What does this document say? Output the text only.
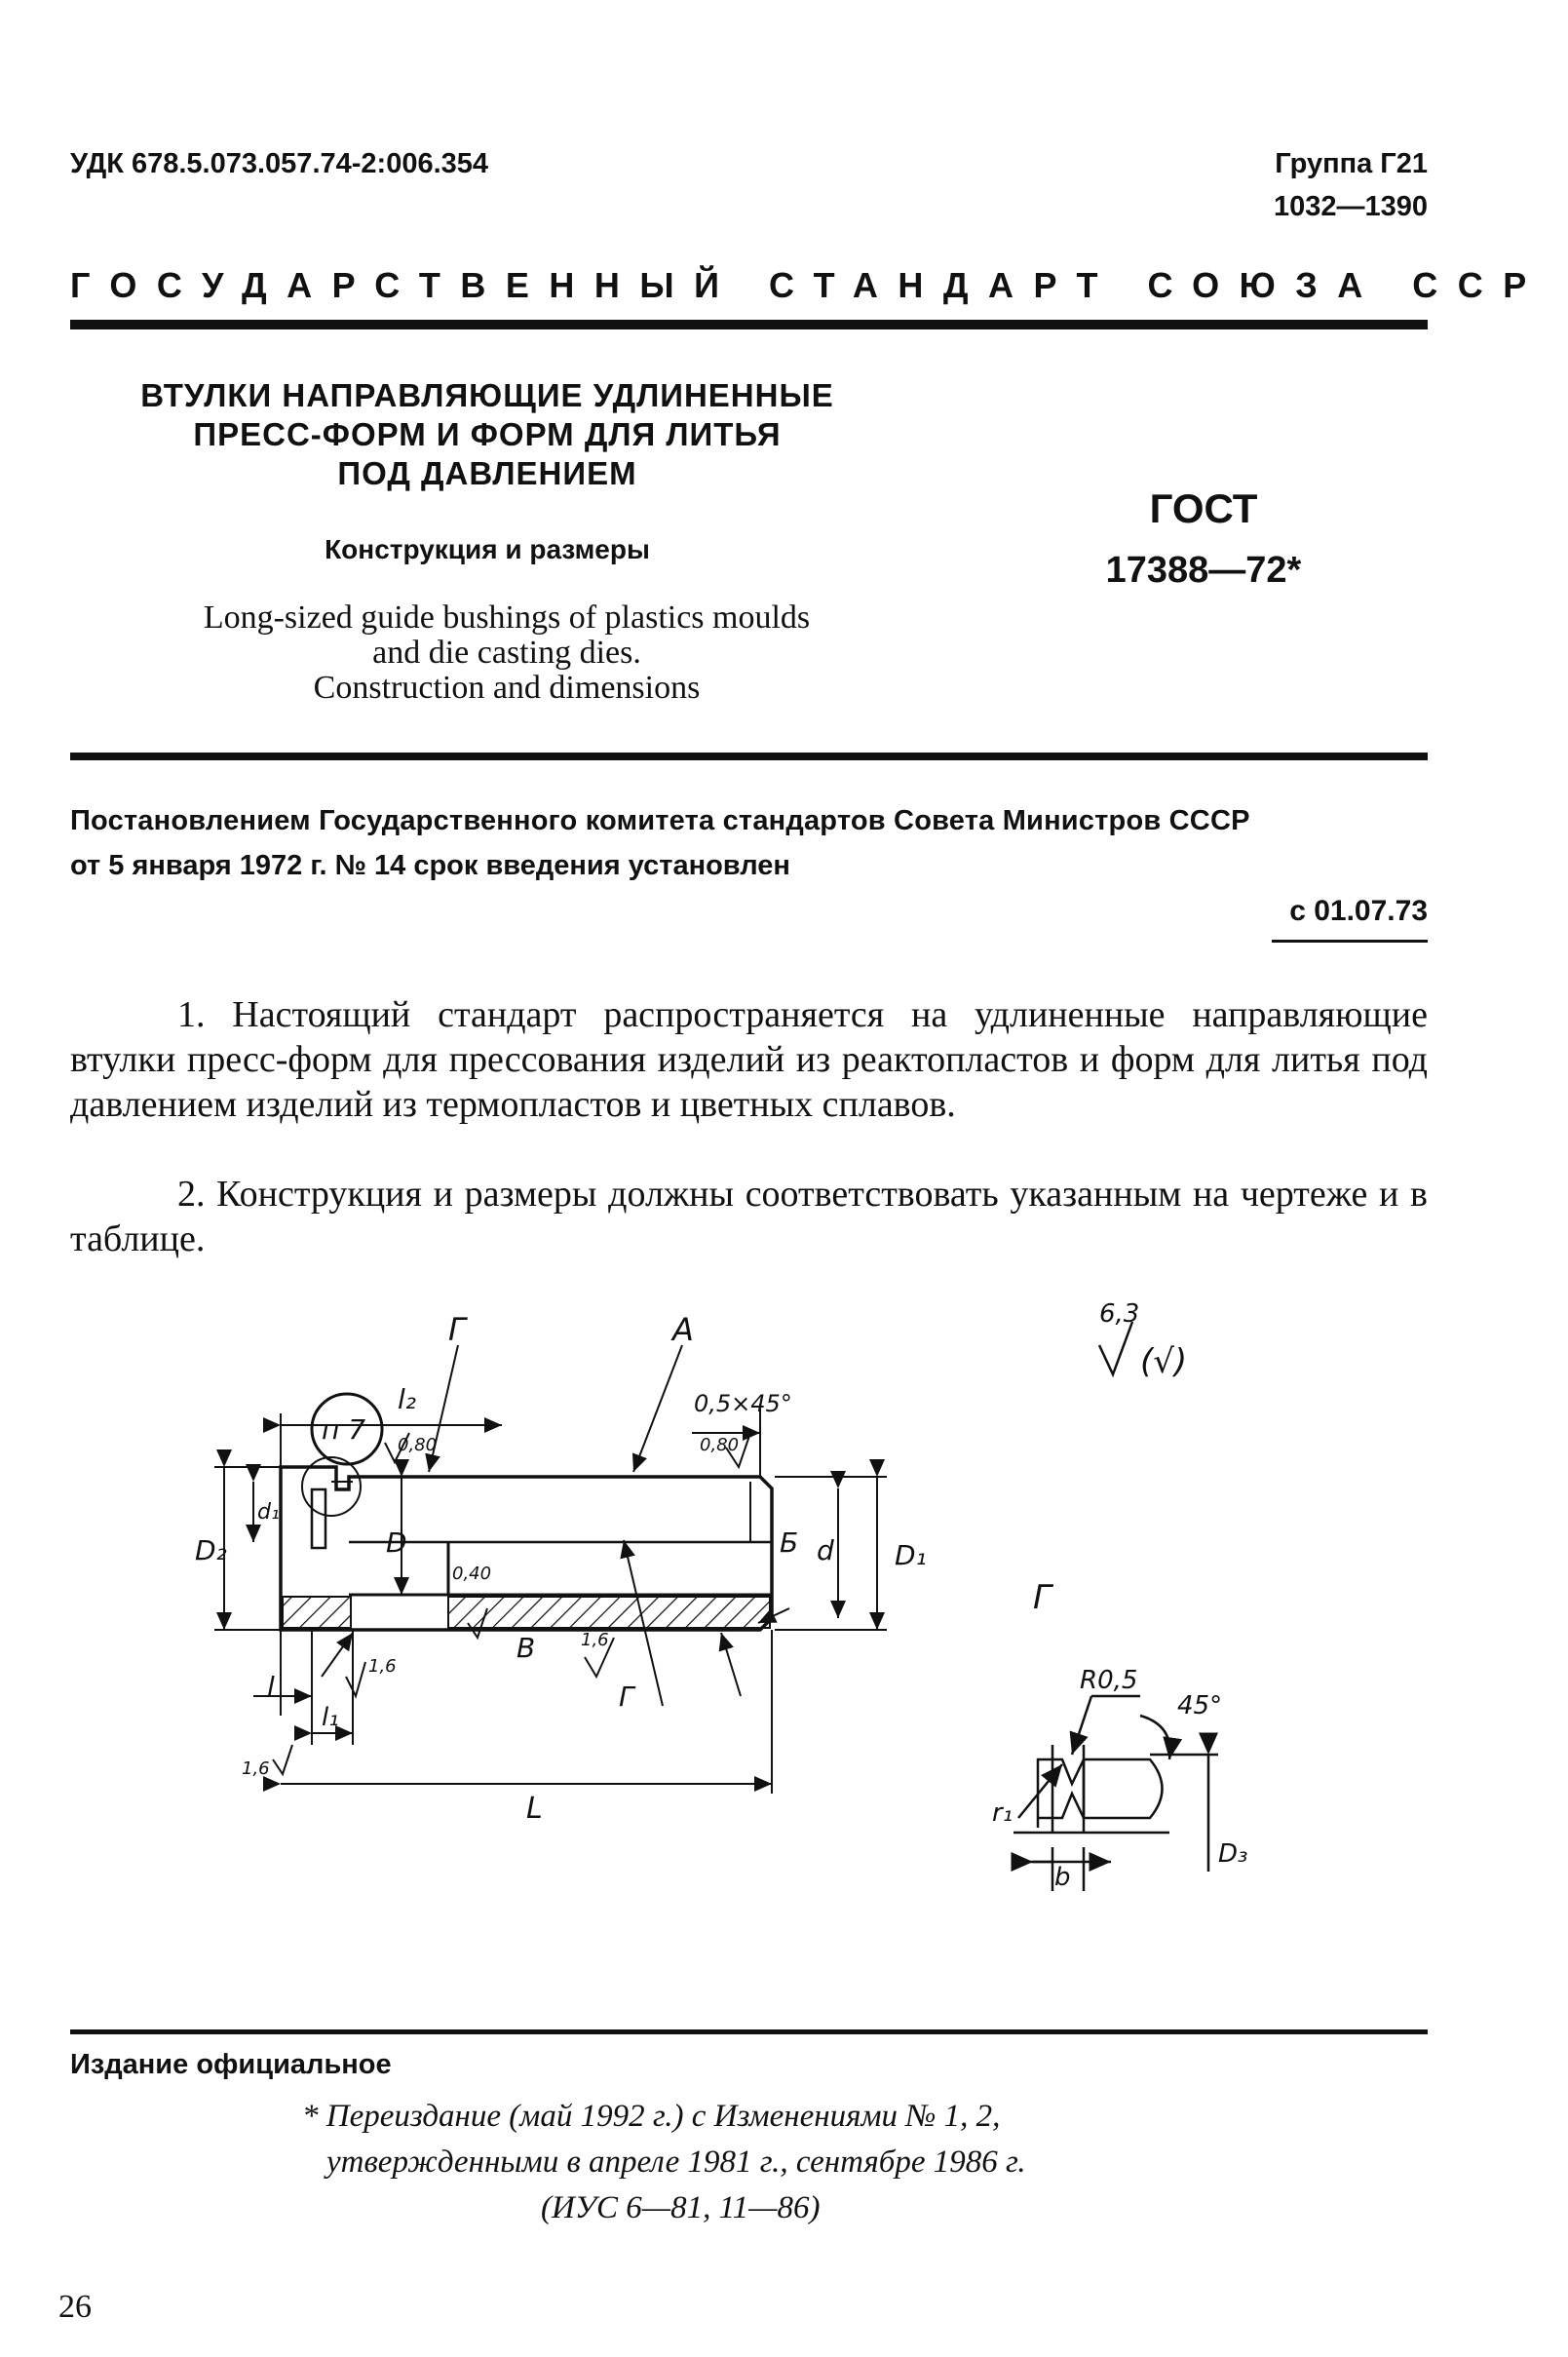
УДК 678.5.073.057.74-2:006.354	Группа Г21
1032—1390
ГОСУДАРСТВЕННЫЙ СТАНДАРТ СОЮЗА ССР
ВТУЛКИ НАПРАВЛЯЮЩИЕ УДЛИНЕННЫЕ
ПРЕСС-ФОРМ И ФОРМ ДЛЯ ЛИТЬЯ
ПОД ДАВЛЕНИЕМ
Конструкция и размеры
Long-sized guide bushings of plastics moulds
and die casting dies.
Construction and dimensions
ГОСТ
17388—72*
Постановлением Государственного комитета стандартов Совета Министров СССР
от 5 января 1972 г. № 14 срок введения установлен
с 01.07.73
1. Настоящий стандарт распространяется на удлиненные направляющие втулки пресс-форм для прессования изделий из реактопластов и форм для литья под давлением изделий из термопластов и цветных сплавов.
2. Конструкция и размеры должны соответствовать указанным на чертеже и в таблице.
6,3
(√)
п 7
Г	А
l₂
0,80
0,5×45°
0,80
Б
0,40
D	d D₁
D₂
d₁
В
1,6
1,6
Г
l
l₁
1,6
L
Г
R0,5
45°
r₁
b
D₃
Издание официальное
* Переиздание (май 1992 г.) с Изменениями № 1, 2,
утвержденными в апреле 1981 г., сентябре 1986 г.
(ИУС 6—81, 11—86)
26
